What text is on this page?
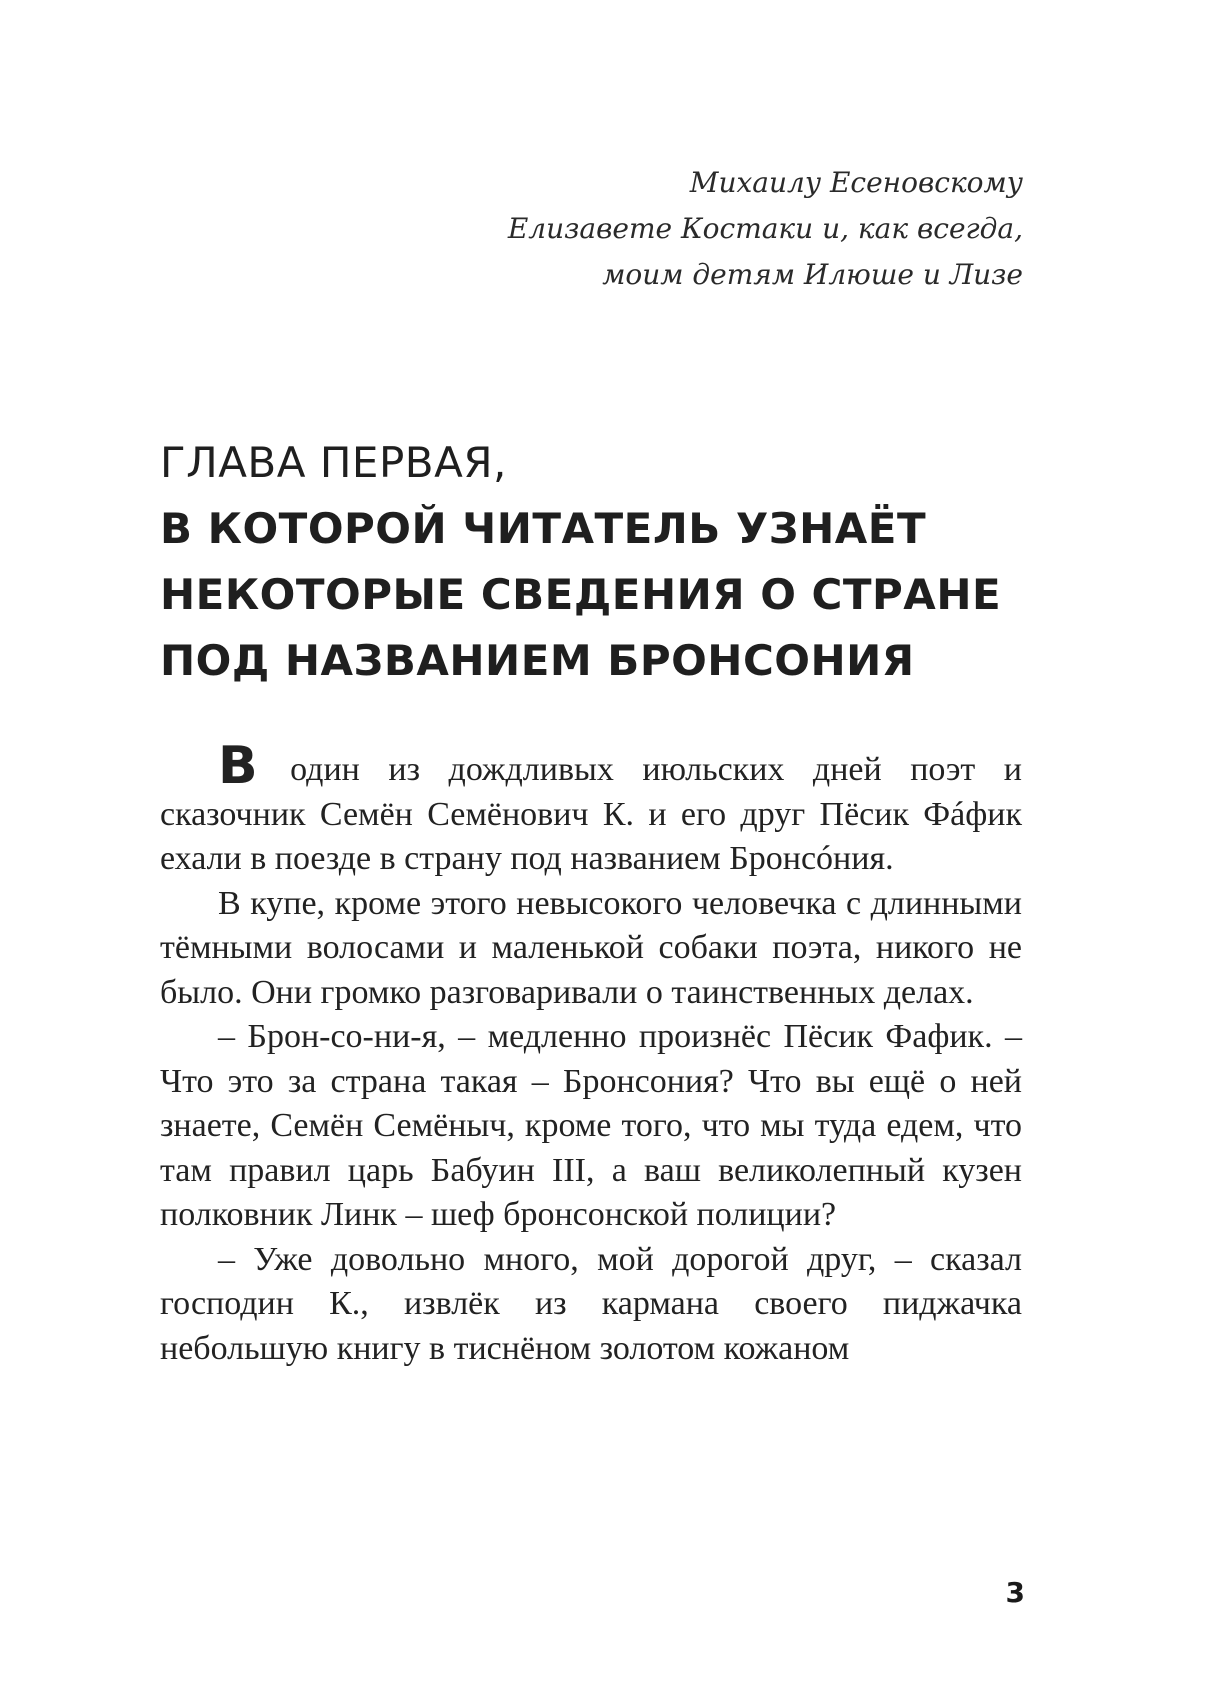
Михаилу Есеновскому
Елизавете Костаки и, как всегда,
моим детям Илюше и Лизе
ГЛАВА ПЕРВАЯ,
В КОТОРОЙ ЧИТАТЕЛЬ УЗНАЁТ
НЕКОТОРЫЕ СВЕДЕНИЯ О СТРАНЕ
ПОД НАЗВАНИЕМ БРОНСОНИЯ

В один из дождливых июльских дней поэт и сказочник Семён Семёнович К. и его друг Пёсик Фáфик ехали в поезде в страну под названием Бронсóния.

В купе, кроме этого невысокого человечка с длинными тёмными волосами и маленькой собаки поэта, никого не было. Они громко разговаривали о таинственных делах.

– Брон-со-ни-я, – медленно произнёс Пёсик Фафик. – Что это за страна такая – Бронсония? Что вы ещё о ней знаете, Семён Семёныч, кроме того, что мы туда едем, что там правил царь Бабуин III, а ваш великолепный кузен полковник Линк – шеф бронсонской полиции?

– Уже довольно много, мой дорогой друг, – сказал господин К., извлёк из кармана своего пиджачка небольшую книгу в тиснёном золотом кожаном

3
